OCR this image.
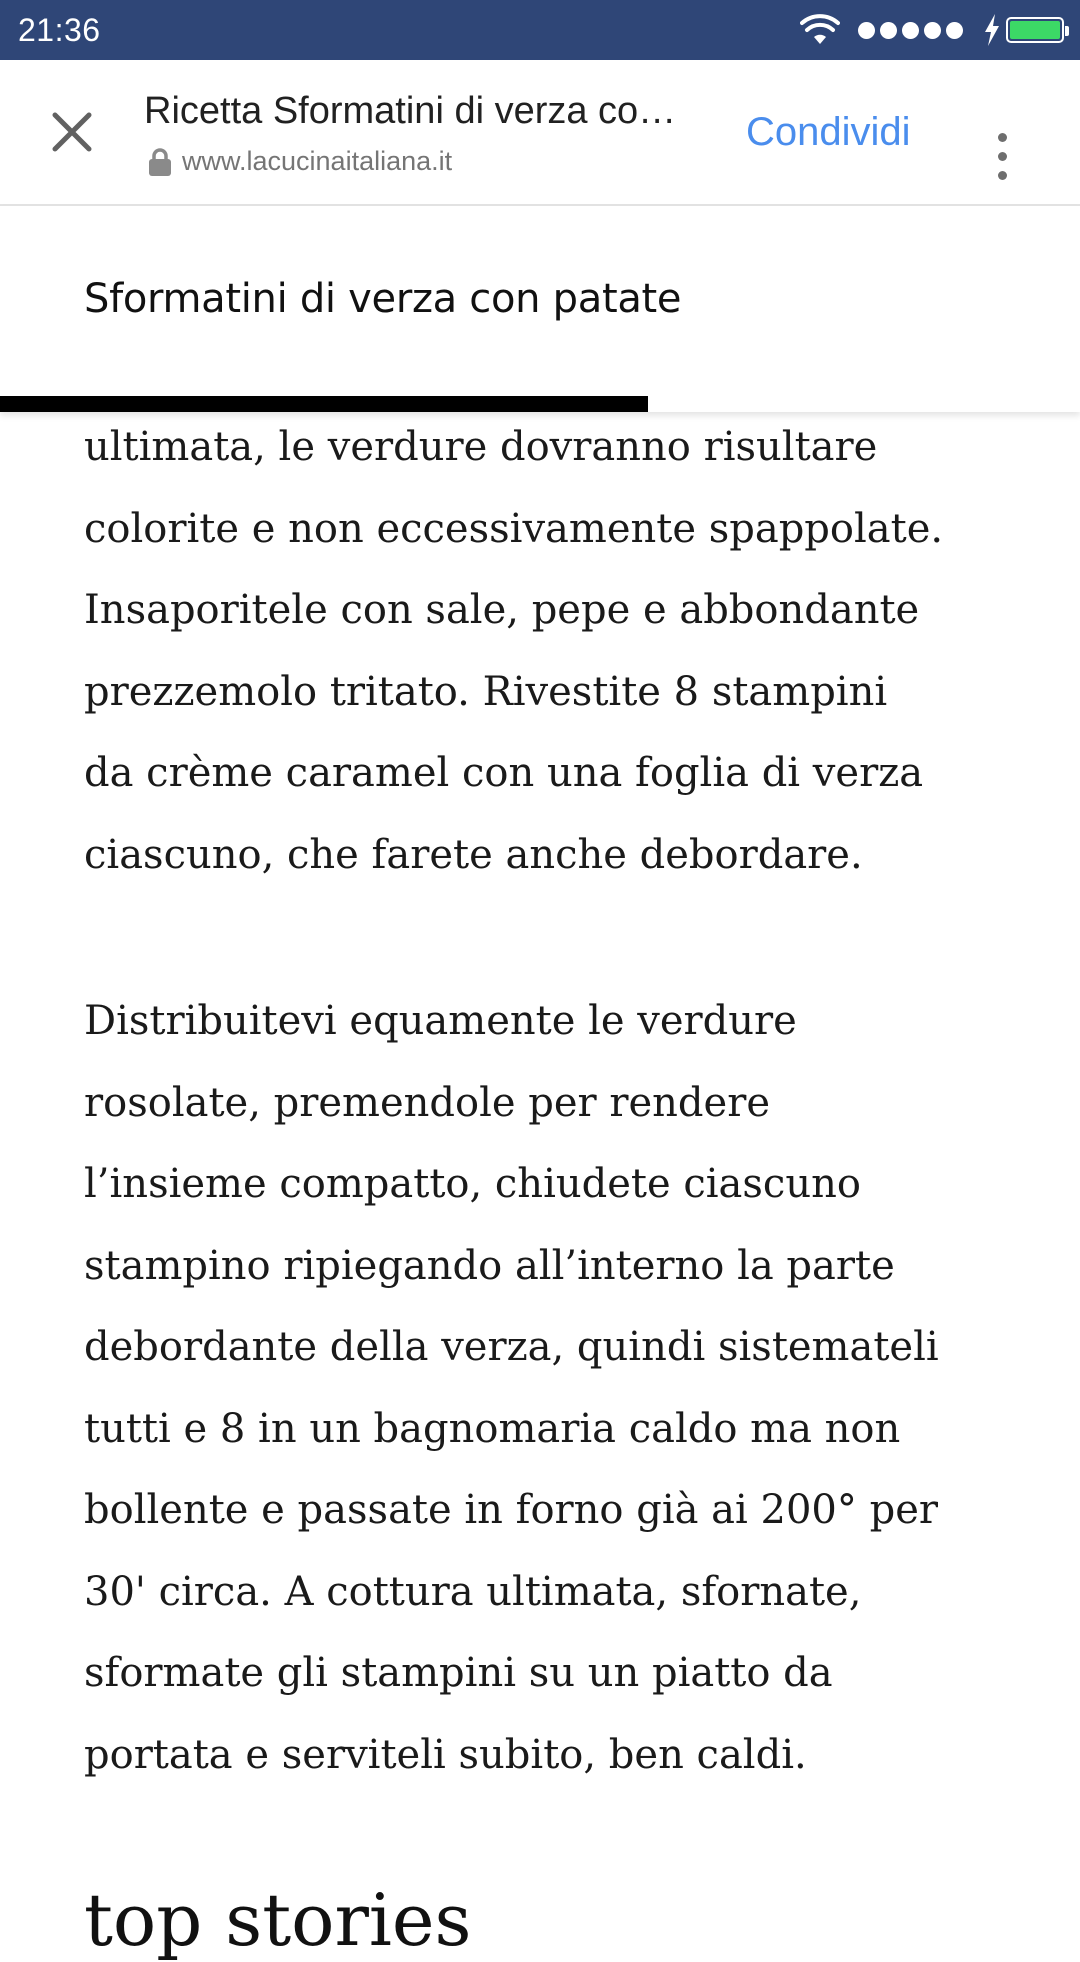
21:36
Ricetta Sformatini di verza co…
www.lacucinaitaliana.it
Condividi
Sformatini di verza con patate

ultimata, le verdure dovranno risultare
colorite e non eccessivamente spappolate.
Insaporitele con sale, pepe e abbondante
prezzemolo tritato. Rivestite 8 stampini
da crème caramel con una foglia di verza
ciascuno, che farete anche debordare.

Distribuitevi equamente le verdure
rosolate, premendole per rendere
l’insieme compatto, chiudete ciascuno
stampino ripiegando all’interno la parte
debordante della verza, quindi sistemateli
tutti e 8 in un bagnomaria caldo ma non
bollente e passate in forno già ai 200° per
30' circa. A cottura ultimata, sfornate,
sformate gli stampini su un piatto da
portata e serviteli subito, ben caldi.

top stories
